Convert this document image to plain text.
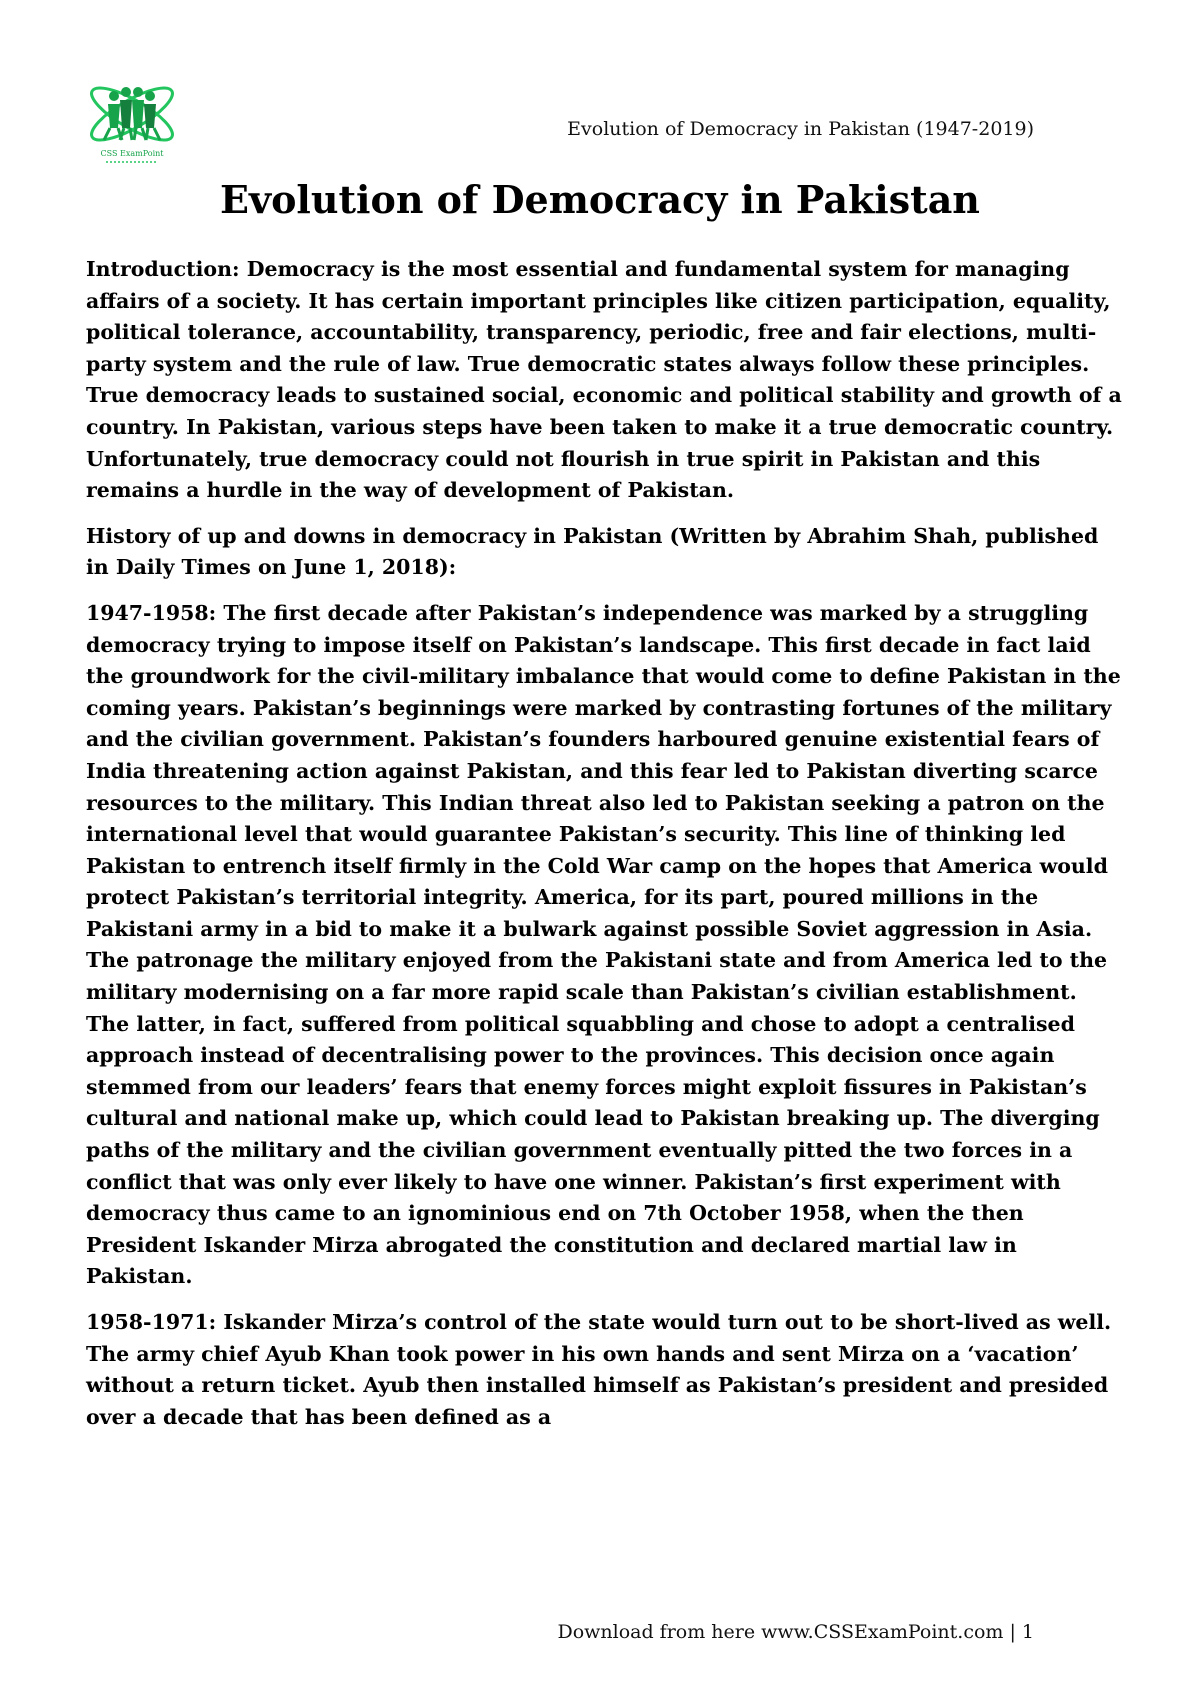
CSS ExamPoint
Evolution of Democracy in Pakistan (1947-2019)
Evolution of Democracy in Pakistan

Introduction: Democracy is the most essential and fundamental system for managing affairs of a society. It has certain important principles like citizen participation, equality, political tolerance, accountability, transparency, periodic, free and fair elections, multi-party system and the rule of law. True democratic states always follow these principles. True democracy leads to sustained social, economic and political stability and growth of a country. In Pakistan, various steps have been taken to make it a true democratic country. Unfortunately, true democracy could not flourish in true spirit in Pakistan and this remains a hurdle in the way of development of Pakistan.

History of up and downs in democracy in Pakistan (Written by Abrahim Shah, published in Daily Times on June 1, 2018):

1947-1958: The first decade after Pakistan’s independence was marked by a struggling democracy trying to impose itself on Pakistan’s landscape. This first decade in fact laid the groundwork for the civil-military imbalance that would come to define Pakistan in the coming years. Pakistan’s beginnings were marked by contrasting fortunes of the military and the civilian government. Pakistan’s founders harboured genuine existential fears of India threatening action against Pakistan, and this fear led to Pakistan diverting scarce resources to the military. This Indian threat also led to Pakistan seeking a patron on the international level that would guarantee Pakistan’s security. This line of thinking led Pakistan to entrench itself firmly in the Cold War camp on the hopes that America would protect Pakistan’s territorial integrity. America, for its part, poured millions in the Pakistani army in a bid to make it a bulwark against possible Soviet aggression in Asia. The patronage the military enjoyed from the Pakistani state and from America led to the military modernising on a far more rapid scale than Pakistan’s civilian establishment. The latter, in fact, suffered from political squabbling and chose to adopt a centralised approach instead of decentralising power to the provinces. This decision once again stemmed from our leaders’ fears that enemy forces might exploit fissures in Pakistan’s cultural and national make up, which could lead to Pakistan breaking up. The diverging paths of the military and the civilian government eventually pitted the two forces in a conflict that was only ever likely to have one winner. Pakistan’s first experiment with democracy thus came to an ignominious end on 7th October 1958, when the then President Iskander Mirza abrogated the constitution and declared martial law in Pakistan.

1958-1971: Iskander Mirza’s control of the state would turn out to be short-lived as well. The army chief Ayub Khan took power in his own hands and sent Mirza on a ‘vacation’ without a return ticket. Ayub then installed himself as Pakistan’s president and presided over a decade that has been defined as a

Download from here www.CSSExamPoint.com | 1
